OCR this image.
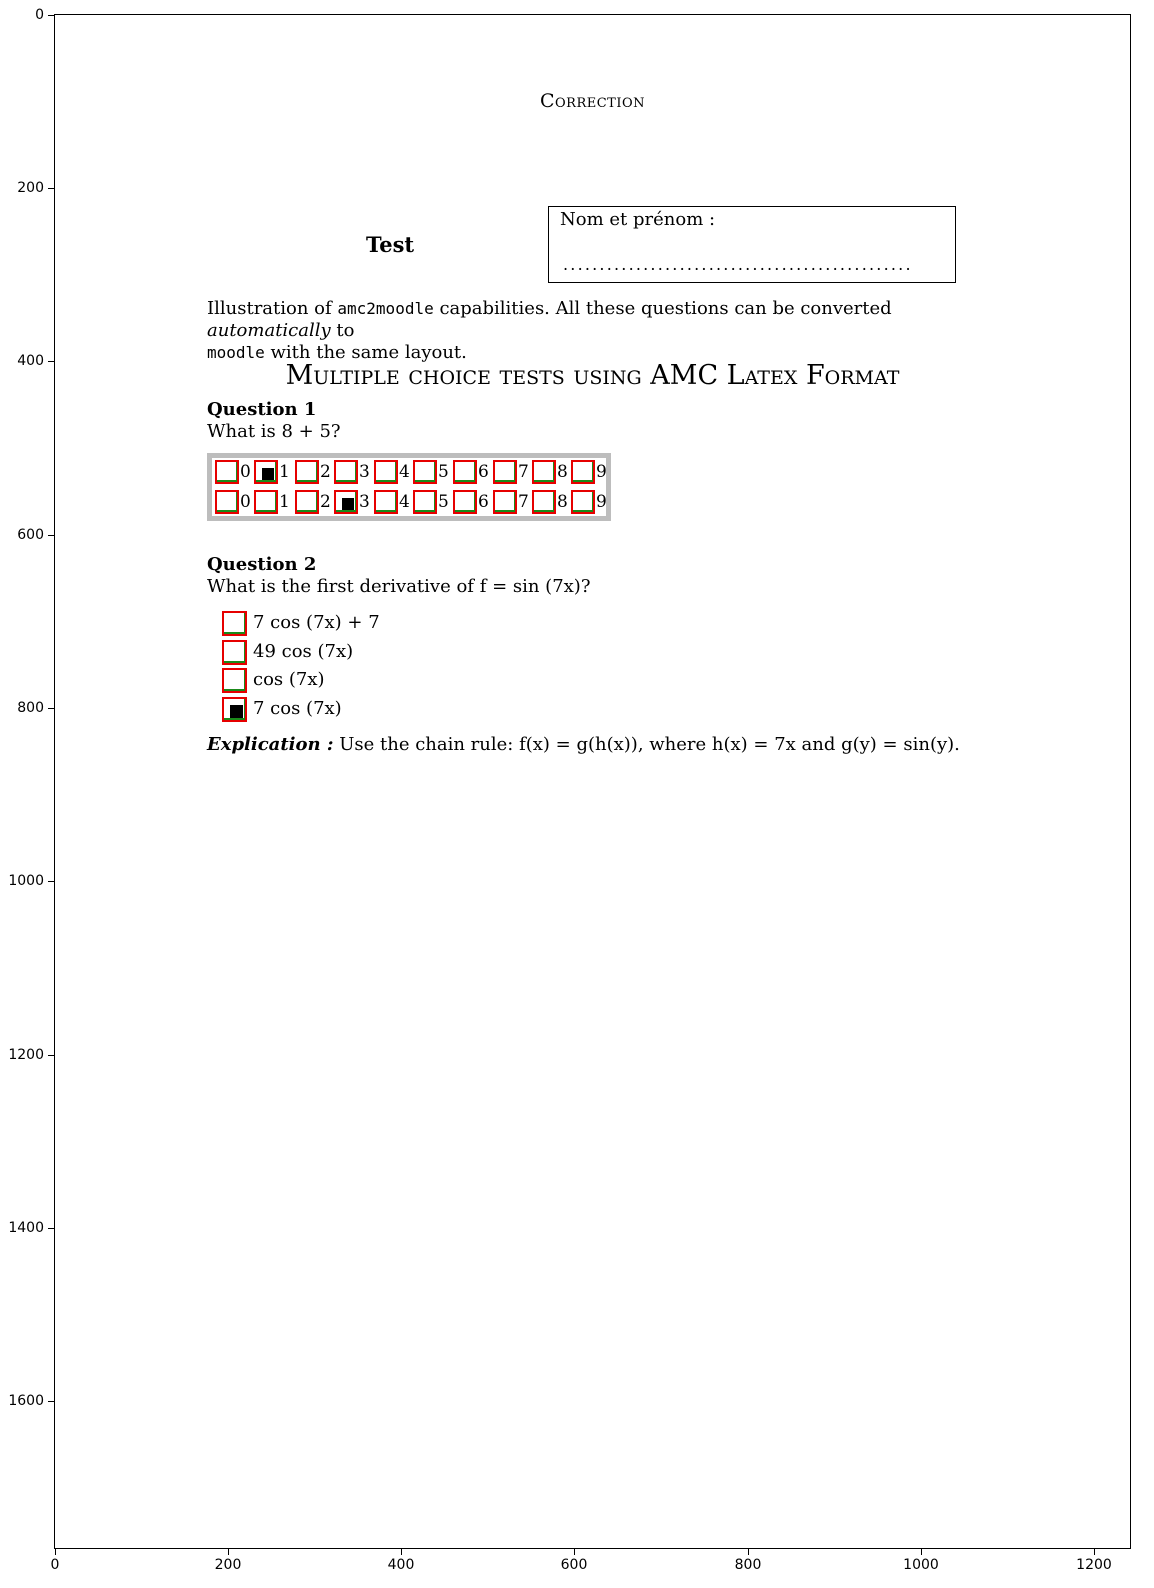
0	200	400	600	800	1000	1200
0
200
400
600
800
1000
1200
1400
1600
Correction
Test
Nom et prénom :
................................................
Illustration of amc2moodle capabilities. All these questions can be converted automatically to
moodle with the same layout.
Multiple choice tests using AMC Latex Format
Question 1
What is 8 + 5?
0 1 2 3 4 5 6 7 8 9
0 1 2 3 4 5 6 7 8 9
Question 2
What is the first derivative of f = sin (7x)?
7 cos (7x) + 7
49 cos (7x)
cos (7x)
7 cos (7x)
Explication : Use the chain rule: f(x) = g(h(x)), where h(x) = 7x and g(y) = sin(y).
